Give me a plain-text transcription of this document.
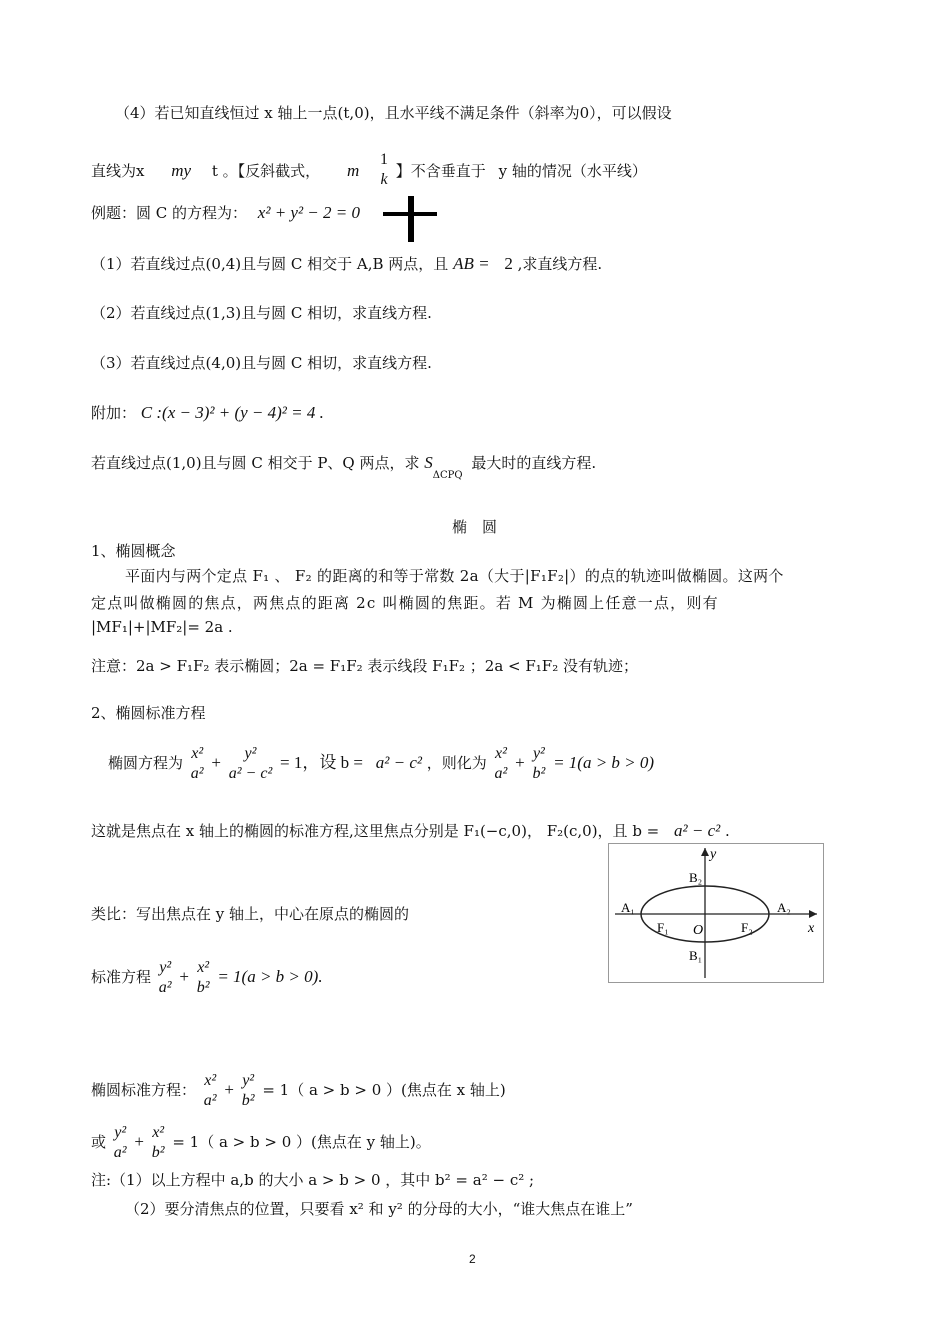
（4）若已知直线恒过 x 轴上一点(t,0)，且水平线不满足条件（斜率为0），可以假设
直线为x my t 。【反斜截式， m
1
k 】不含垂直于 y 轴的情况（水平线）
例题：圆 C 的方程为： x² + y² − 2 = 0
（1）若直线过点(0,4)且与圆 C 相交于 A,B 两点，且 AB = 2 ,求直线方程.
（2）若直线过点(1,3)且与圆 C 相切，求直线方程.
（3）若直线过点(4,0)且与圆 C 相切，求直线方程.
附加： C :(x − 3)² + (y − 4)² = 4 .
若直线过点(1,0)且与圆 C 相交于 P、Q 两点，求 $S_{\Delta CPQ}$ 最大时的直线方程.
椭　圆
1、椭圆概念
平面内与两个定点 F₁ 、 F₂ 的距离的和等于常数 2a（大于|F₁F₂|）的点的轨迹叫做椭圆。这两个
定点叫做椭圆的焦点，两焦点的距离 2c 叫椭圆的焦距。若 M 为椭圆上任意一点，则有
|MF₁|+|MF₂|= 2a .
注意：2a > F₁F₂ 表示椭圆；2a = F₁F₂ 表示线段 F₁F₂ ；2a < F₁F₂ 没有轨迹；
2、椭圆标准方程
椭圆方程为
x²
a²
+	y²
a² − c²
= 1，设 b = a² − c² ，则化为
x²
a²
+ y²
b²
= 1(a > b > 0)
这就是焦点在 x 轴上的椭圆的标准方程,这里焦点分别是 F₁(−c,0)， F₂(c,0)，且 b = a² − c² .
x
y
O
A₁	A₂
B₂
B₁
F₁	F₂
类比：写出焦点在 y 轴上，中心在原点的椭圆的
标准方程
y²
a²
+ x²
b²
= 1(a > b > 0).
椭圆标准方程：
x²
a²
+ y²
b²
= 1（ a > b > 0 ）(焦点在 x 轴上)
或
y²
a²
+ x²
b²
= 1（ a > b > 0 ）(焦点在 y 轴上)。
注:（1）以上方程中 a,b 的大小 a > b > 0 ，其中 b² = a² − c² ;
（2）要分清焦点的位置，只要看 x² 和 y² 的分母的大小，“谁大焦点在谁上”
2
